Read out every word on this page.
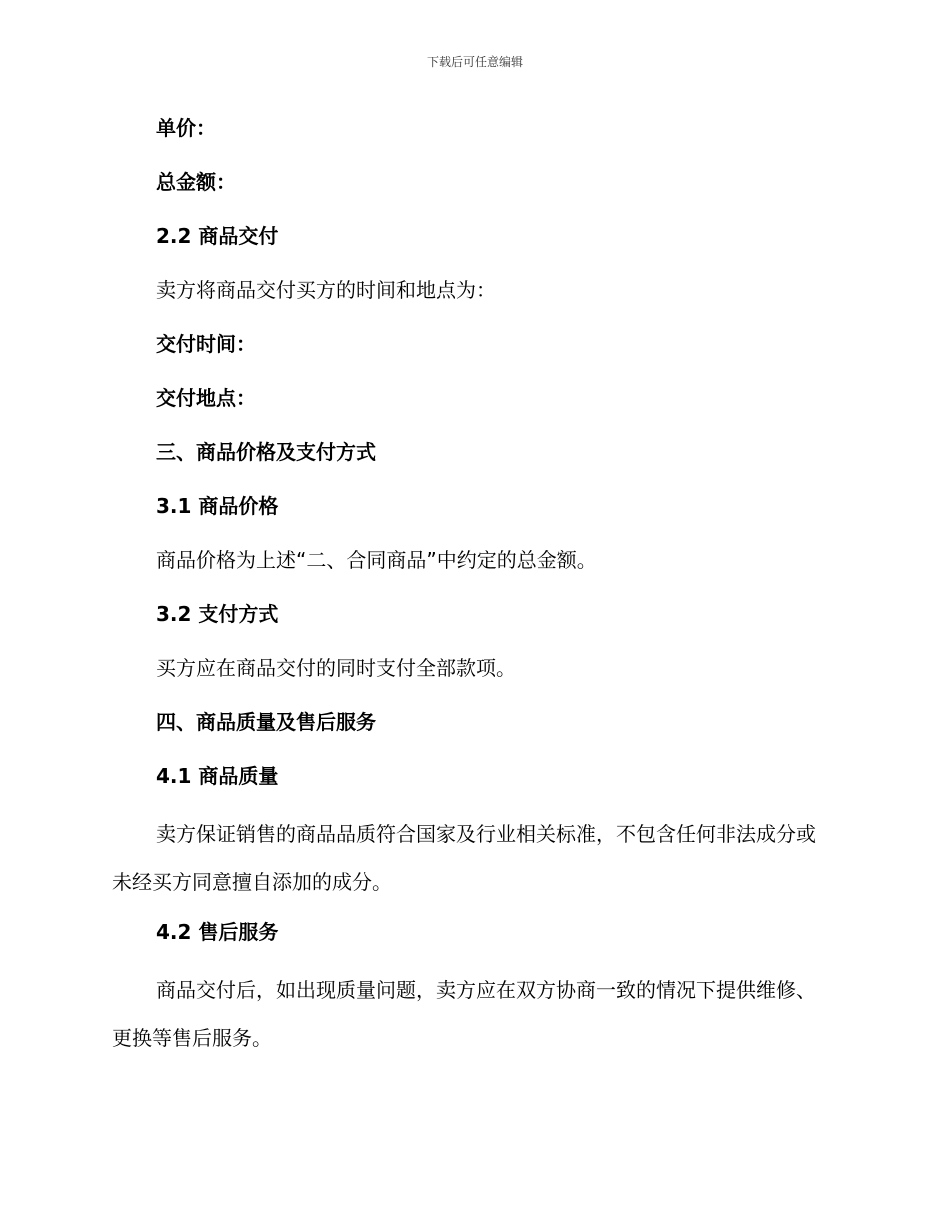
下载后可任意编辑
单价：
总金额：
2.2 商品交付
卖方将商品交付买方的时间和地点为：
交付时间：
交付地点：
三、商品价格及支付方式
3.1 商品价格
商品价格为上述“二、合同商品”中约定的总金额。
3.2 支付方式
买方应在商品交付的同时支付全部款项。
四、商品质量及售后服务
4.1 商品质量
卖方保证销售的商品品质符合国家及行业相关标准，不包含任何非法成分或未经买方同意擅自添加的成分。
4.2 售后服务
商品交付后，如出现质量问题，卖方应在双方协商一致的情况下提供维修、更换等售后服务。
